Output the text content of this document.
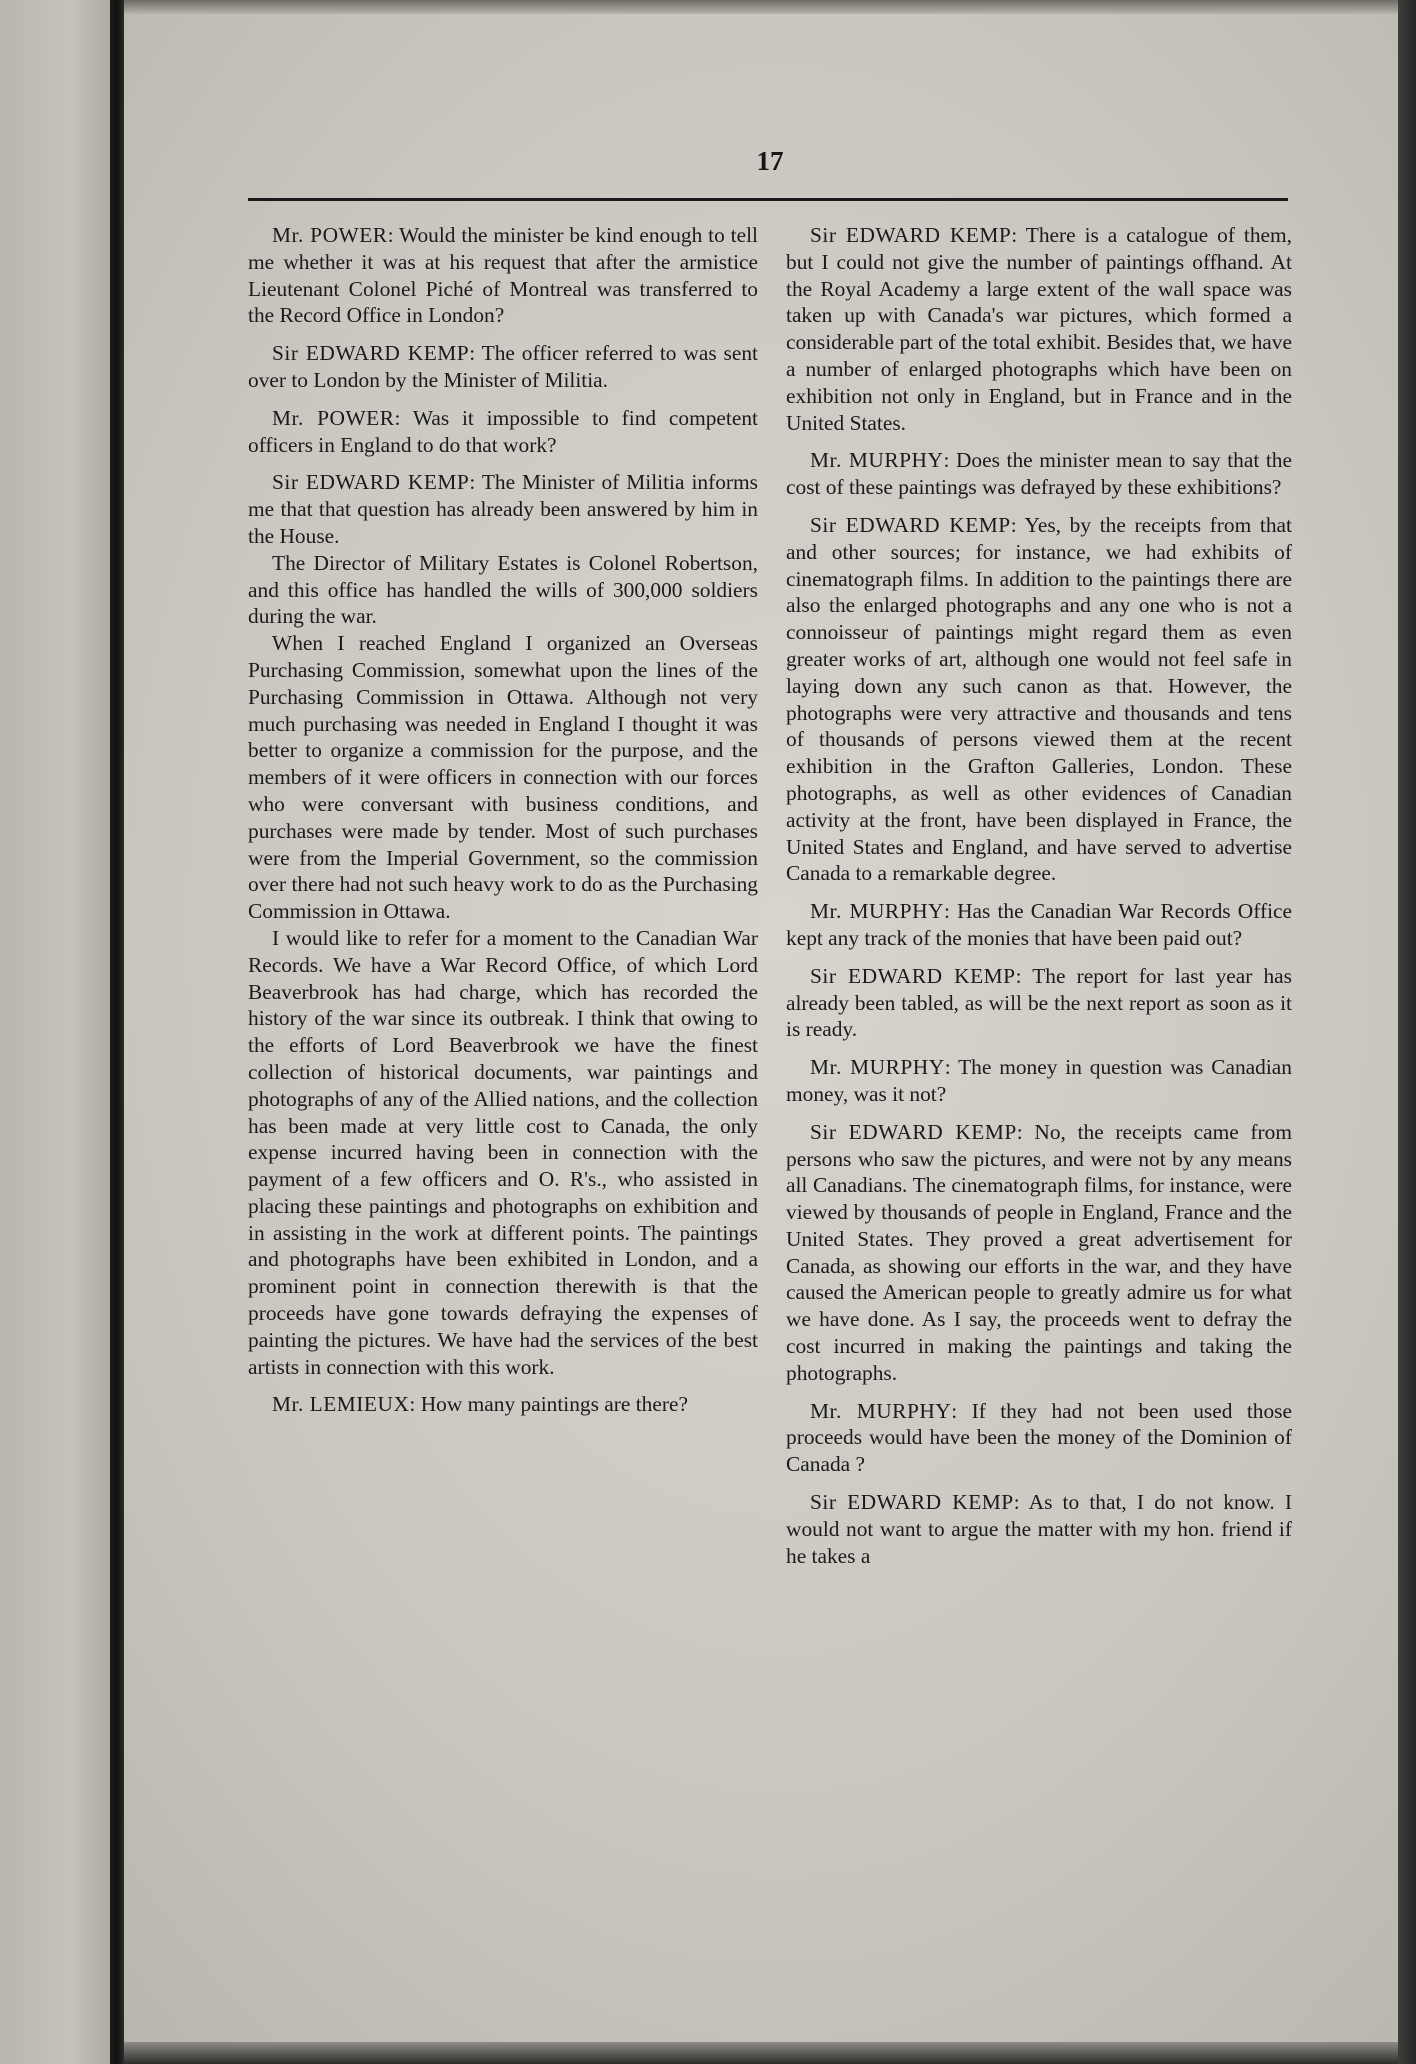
17

Mr. POWER: Would the minister be kind enough to tell me whether it was at his request that after the armistice Lieutenant Colonel Piché of Montreal was transferred to the Record Office in London?

Sir EDWARD KEMP: The officer referred to was sent over to London by the Minister of Militia.

Mr. POWER: Was it impossible to find competent officers in England to do that work?

Sir EDWARD KEMP: The Minister of Militia informs me that that question has already been answered by him in the House.

The Director of Military Estates is Colonel Robertson, and this office has handled the wills of 300,000 soldiers during the war.

When I reached England I organized an Overseas Purchasing Commission, somewhat upon the lines of the Purchasing Commission in Ottawa. Although not very much purchasing was needed in England I thought it was better to organize a commission for the purpose, and the members of it were officers in connection with our forces who were conversant with business conditions, and purchases were made by tender. Most of such purchases were from the Imperial Government, so the commission over there had not such heavy work to do as the Purchasing Commission in Ottawa.

I would like to refer for a moment to the Canadian War Records. We have a War Record Office, of which Lord Beaverbrook has had charge, which has recorded the history of the war since its outbreak. I think that owing to the efforts of Lord Beaverbrook we have the finest collection of historical documents, war paintings and photographs of any of the Allied nations, and the collection has been made at very little cost to Canada, the only expense incurred having been in connection with the payment of a few officers and O. R's., who assisted in placing these paintings and photographs on exhibition and in assisting in the work at different points. The paintings and photographs have been exhibited in London, and a prominent point in connection therewith is that the proceeds have gone towards defraying the expenses of painting the pictures. We have had the services of the best artists in connection with this work.

Mr. LEMIEUX: How many paintings are there?

Sir EDWARD KEMP: There is a catalogue of them, but I could not give the number of paintings offhand. At the Royal Academy a large extent of the wall space was taken up with Canada's war pictures, which formed a considerable part of the total exhibit. Besides that, we have a number of enlarged photographs which have been on exhibition not only in England, but in France and in the United States.

Mr. MURPHY: Does the minister mean to say that the cost of these paintings was defrayed by these exhibitions?

Sir EDWARD KEMP: Yes, by the receipts from that and other sources; for instance, we had exhibits of cinematograph films. In addition to the paintings there are also the enlarged photographs and any one who is not a connoisseur of paintings might regard them as even greater works of art, although one would not feel safe in laying down any such canon as that. However, the photographs were very attractive and thousands and tens of thousands of persons viewed them at the recent exhibition in the Grafton Galleries, London. These photographs, as well as other evidences of Canadian activity at the front, have been displayed in France, the United States and England, and have served to advertise Canada to a remarkable degree.

Mr. MURPHY: Has the Canadian War Records Office kept any track of the monies that have been paid out?

Sir EDWARD KEMP: The report for last year has already been tabled, as will be the next report as soon as it is ready.

Mr. MURPHY: The money in question was Canadian money, was it not?

Sir EDWARD KEMP: No, the receipts came from persons who saw the pictures, and were not by any means all Canadians. The cinematograph films, for instance, were viewed by thousands of people in England, France and the United States. They proved a great advertisement for Canada, as showing our efforts in the war, and they have caused the American people to greatly admire us for what we have done. As I say, the proceeds went to defray the cost incurred in making the paintings and taking the photographs.

Mr. MURPHY: If they had not been used those proceeds would have been the money of the Dominion of Canada ?

Sir EDWARD KEMP: As to that, I do not know. I would not want to argue the matter with my hon. friend if he takes a
